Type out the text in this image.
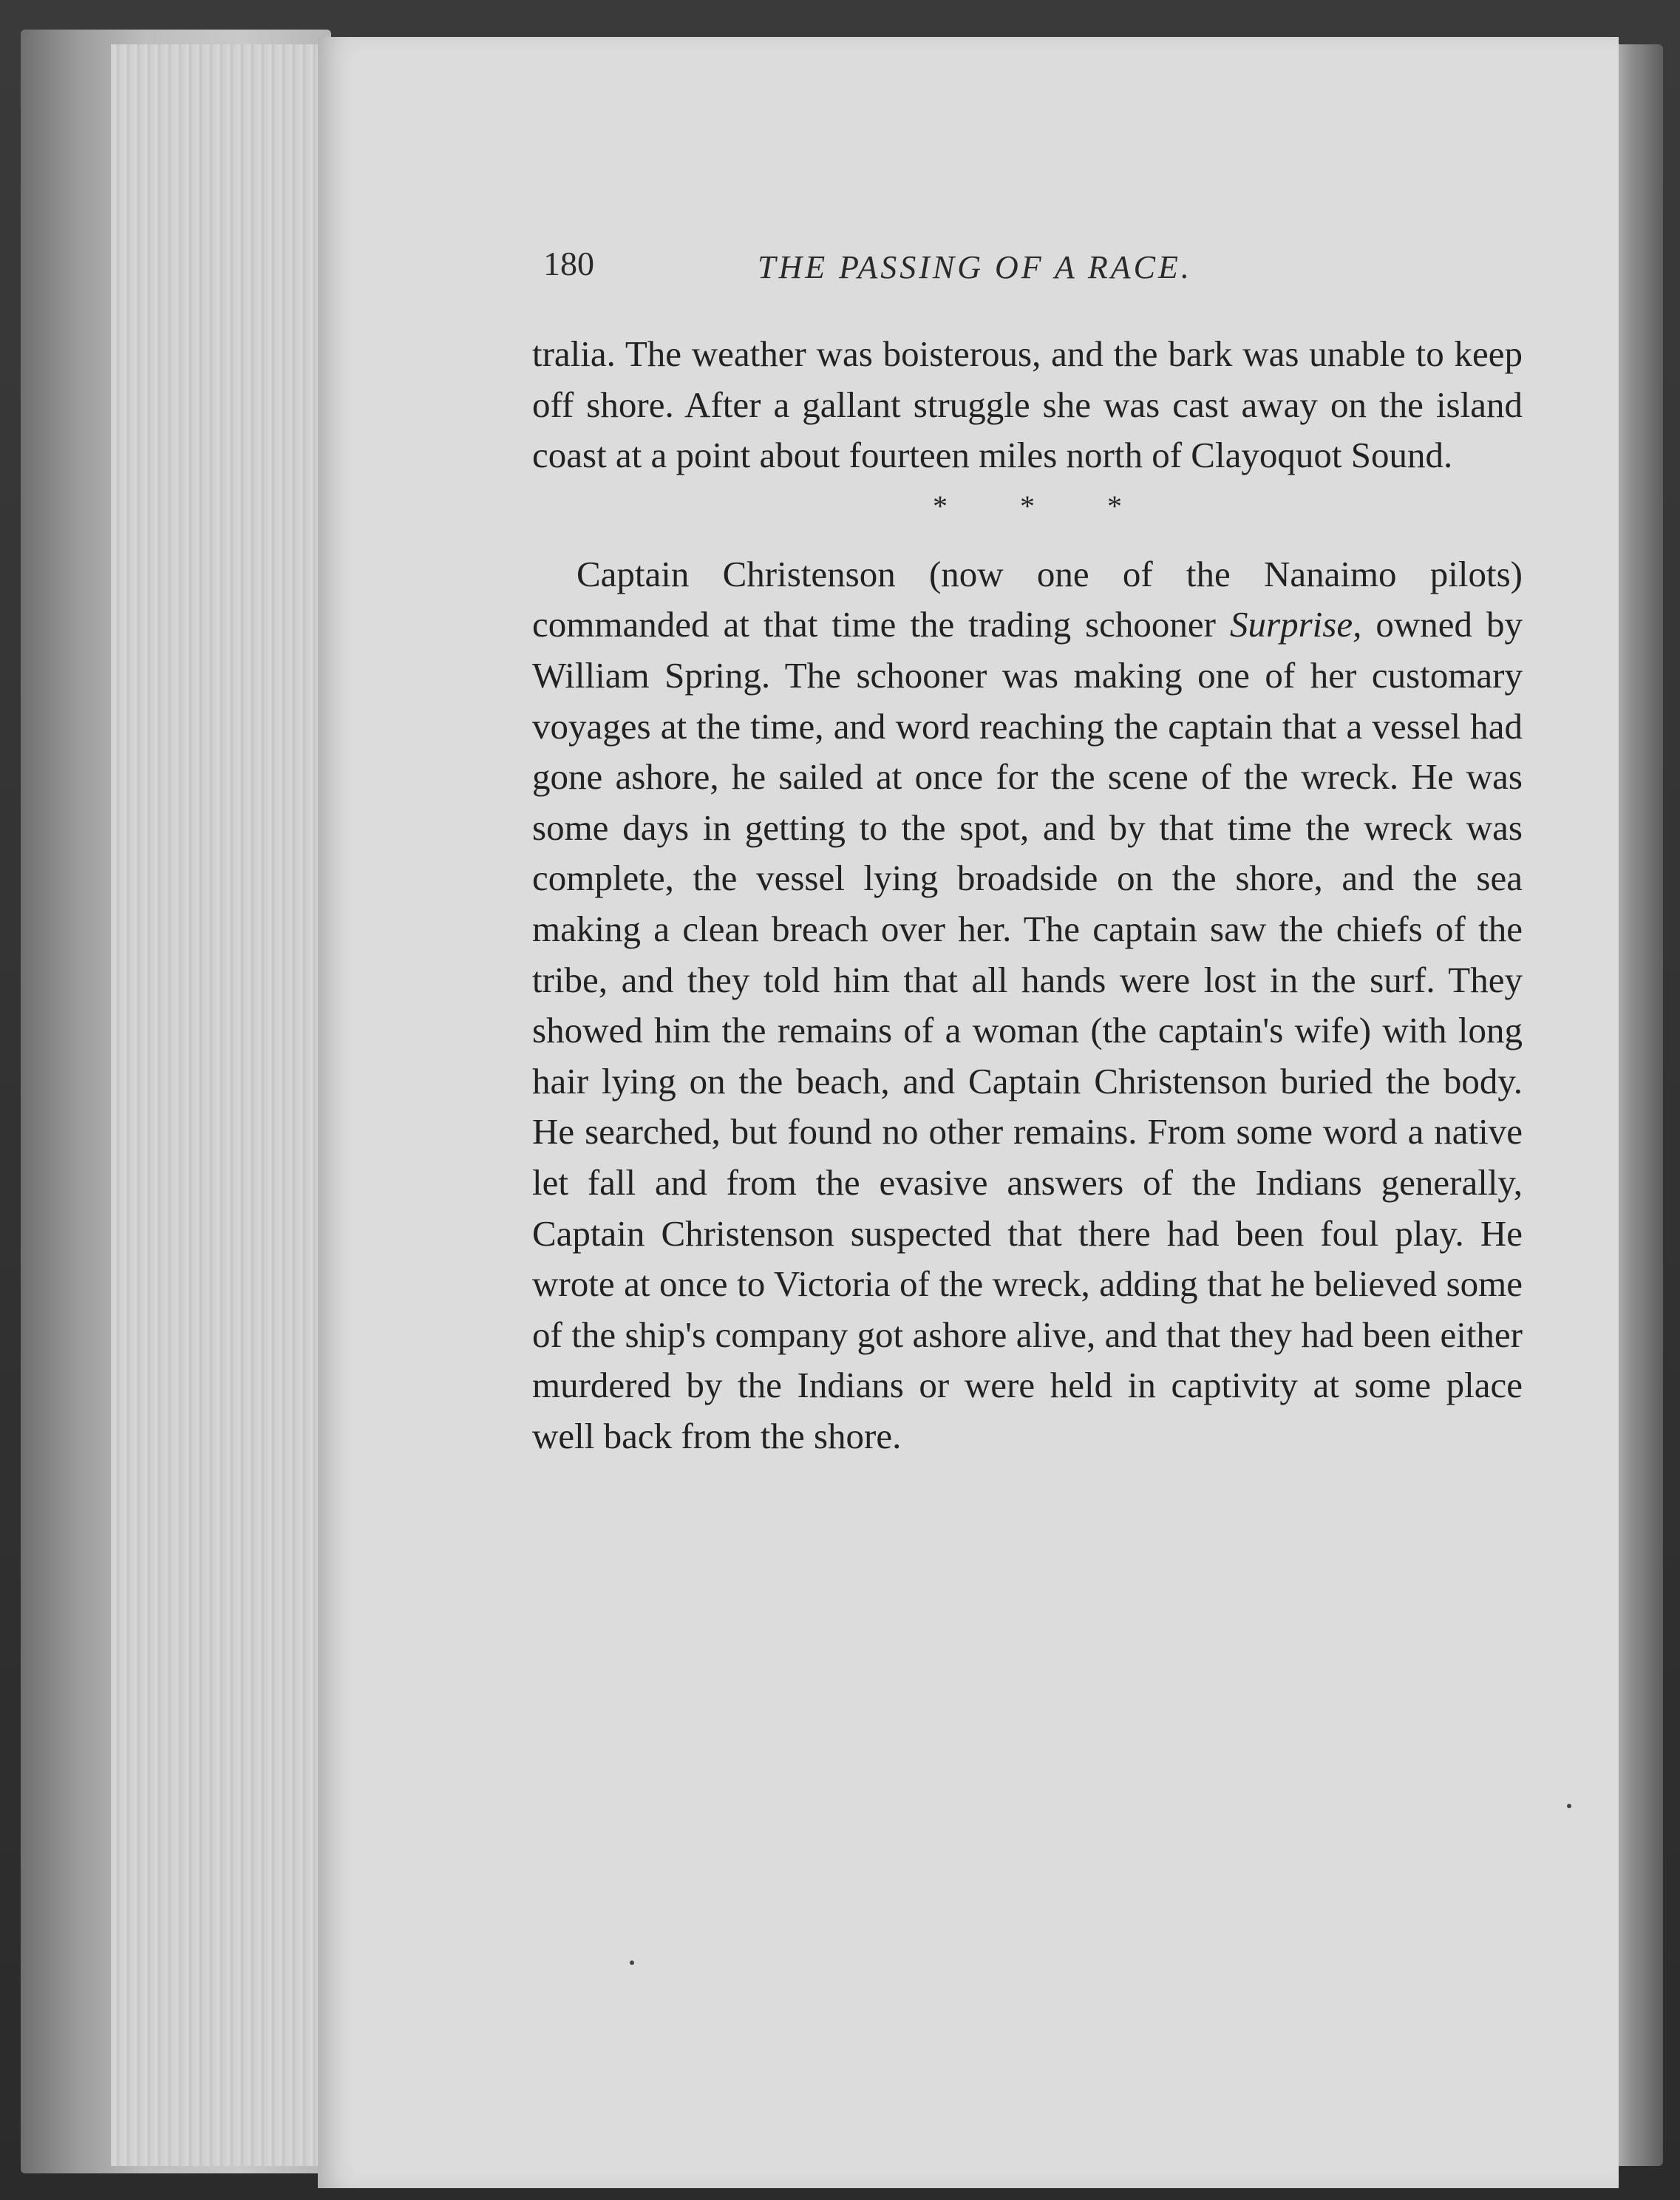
180	THE PASSING OF A RACE.

tralia. The weather was boisterous, and the bark was unable to keep off shore. After a gallant struggle she was cast away on the island coast at a point about fourteen miles north of Clayoquot Sound.

* * *

Captain Christenson (now one of the Nanaimo pilots) commanded at that time the trading schooner Surprise, owned by William Spring. The schooner was making one of her customary voyages at the time, and word reaching the captain that a vessel had gone ashore, he sailed at once for the scene of the wreck. He was some days in getting to the spot, and by that time the wreck was complete, the vessel lying broadside on the shore, and the sea making a clean breach over her. The captain saw the chiefs of the tribe, and they told him that all hands were lost in the surf. They showed him the remains of a woman (the captain's wife) with long hair lying on the beach, and Captain Christenson buried the body. He searched, but found no other remains. From some word a native let fall and from the evasive answers of the Indians generally, Captain Christenson suspected that there had been foul play. He wrote at once to Victoria of the wreck, adding that he believed some of the ship's company got ashore alive, and that they had been either murdered by the Indians or were held in captivity at some place well back from the shore.
